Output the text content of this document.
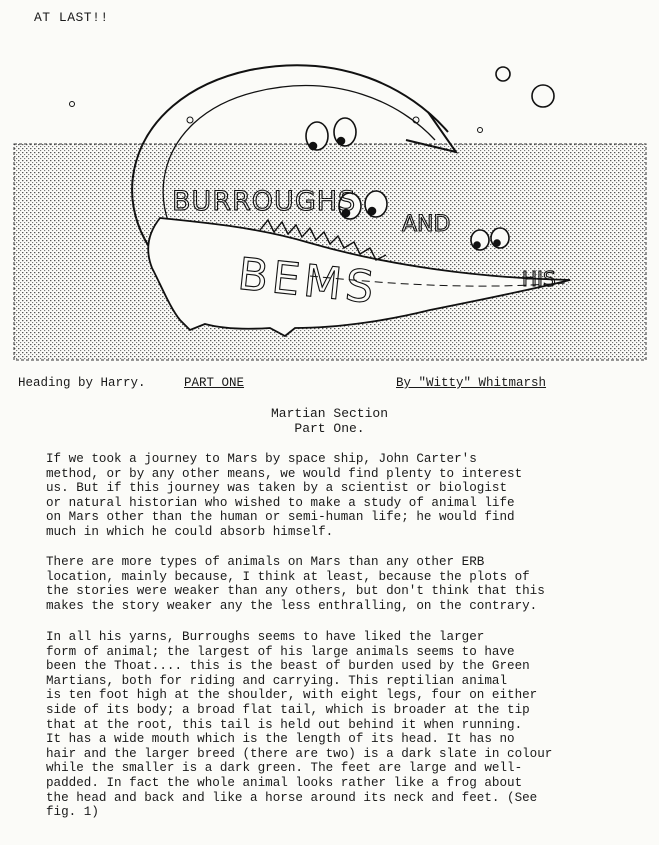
AT LAST!!
BURROUGHS
AND
HIS
BEMS
Heading by Harry.	PART ONE	By "Witty" Whitmarsh
Martian Section
Part One.

If we took a journey to Mars by space ship, John Carter's
method, or by any other means, we would find plenty to interest
us. But if this journey was taken by a scientist or biologist
or natural historian who wished to make a study of animal life
on Mars other than the human or semi-human life; he would find
much in which he could absorb himself.

There are more types of animals on Mars than any other ERB
location, mainly because, I think at least, because the plots of
the stories were weaker than any others, but don't think that this
makes the story weaker any the less enthralling, on the contrary.

In all his yarns, Burroughs seems to have liked the larger
form of animal; the largest of his large animals seems to have
been the Thoat.... this is the beast of burden used by the Green
Martians, both for riding and carrying. This reptilian animal
is ten foot high at the shoulder, with eight legs, four on either
side of its body; a broad flat tail, which is broader at the tip
that at the root, this tail is held out behind it when running.
It has a wide mouth which is the length of its head. It has no
hair and the larger breed (there are two) is a dark slate in colour
while the smaller is a dark green. The feet are large and well-
padded. In fact the whole animal looks rather like a frog about
the head and back and like a horse around its neck and feet. (See
fig. 1)
